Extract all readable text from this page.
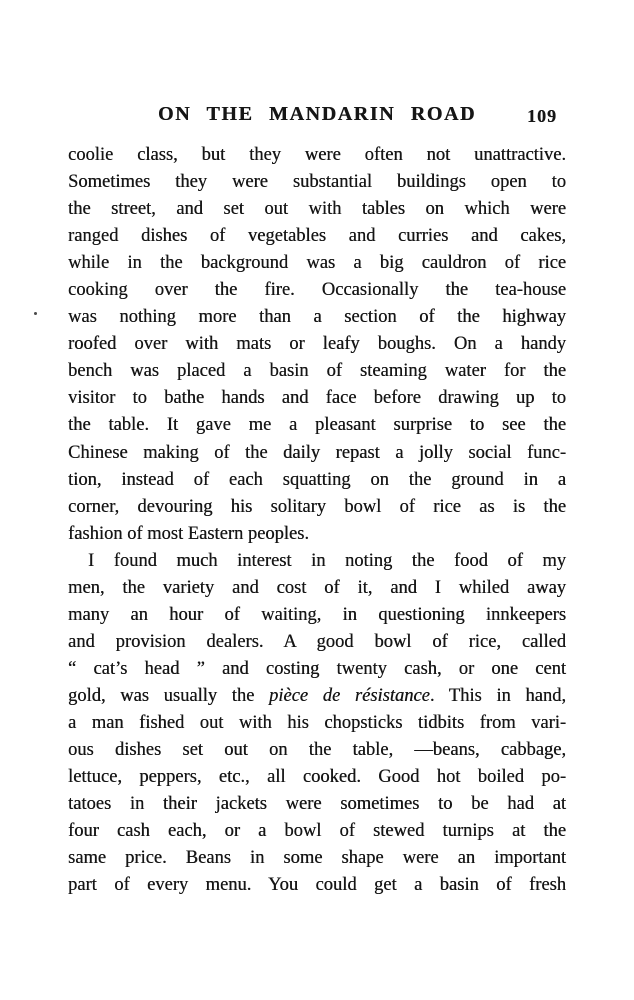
ON THE MANDARIN ROAD	109
coolie class, but they were often not unattractive.
Sometimes they were substantial buildings open to
the street, and set out with tables on which were
ranged dishes of vegetables and curries and cakes,
while in the background was a big cauldron of rice
cooking over the fire. Occasionally the tea-house
was nothing more than a section of the highway
roofed over with mats or leafy boughs. On a handy
bench was placed a basin of steaming water for the
visitor to bathe hands and face before drawing up to
the table. It gave me a pleasant surprise to see the
Chinese making of the daily repast a jolly social func-
tion, instead of each squatting on the ground in a
corner, devouring his solitary bowl of rice as is the
fashion of most Eastern peoples.
I found much interest in noting the food of my
men, the variety and cost of it, and I whiled away
many an hour of waiting, in questioning innkeepers
and provision dealers. A good bowl of rice, called
“ cat’s head ” and costing twenty cash, or one cent
gold, was usually the pièce de résistance. This in hand,
a man fished out with his chopsticks tidbits from vari-
ous dishes set out on the table, —beans, cabbage,
lettuce, peppers, etc., all cooked. Good hot boiled po-
tatoes in their jackets were sometimes to be had at
four cash each, or a bowl of stewed turnips at the
same price. Beans in some shape were an important
part of every menu. You could get a basin of fresh
